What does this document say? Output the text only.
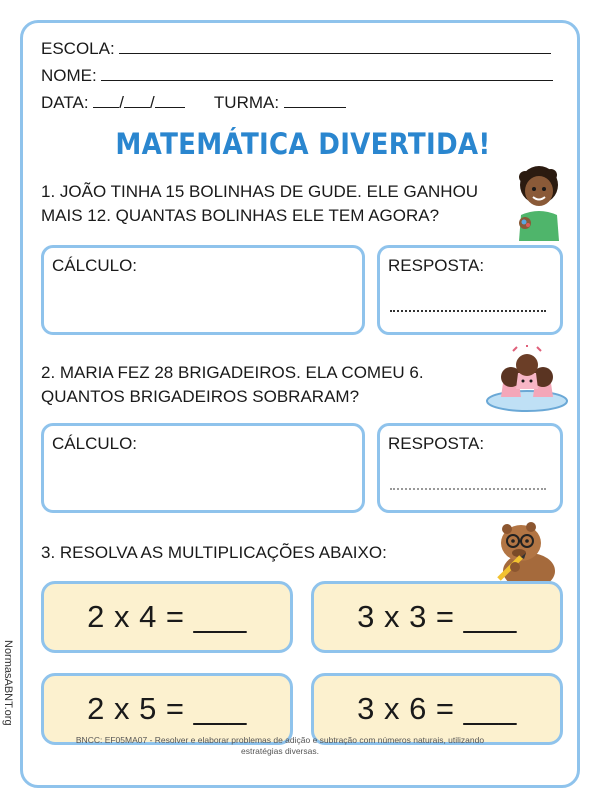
ESCOLA:
NOME:
DATA: / /	TURMA:
MATEMÁTICA DIVERTIDA!
1. JOÃO TINHA 15 BOLINHAS DE GUDE. ELE GANHOU
MAIS 12. QUANTAS BOLINHAS ELE TEM AGORA?
CÁLCULO:	RESPOSTA:
2. MARIA FEZ 28 BRIGADEIROS. ELA COMEU 6.
QUANTOS BRIGADEIROS SOBRARAM?
CÁLCULO:	RESPOSTA:
3. RESOLVA AS MULTIPLICAÇÕES ABAIXO:
2 x 4 = ___	3 x 3 = ___
2 x 5 = ___	3 x 6 = ___
BNCC: EF05MA07 - Resolver e elaborar problemas de adição e subtração com números naturais, utilizando
estratégias diversas.
NormasABNT.org
